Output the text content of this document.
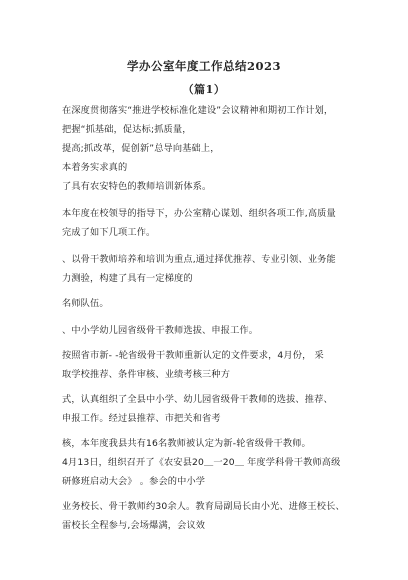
学办公室年度工作总结2023
（篇1）

在深度贯彻落实“推进学校标准化建设”会议精神和期初工作计划，

把握“抓基础，促达标;抓质量，

提高;抓改革，促创新”总导向基础上，

本着务实求真的

了具有农安特色的教师培训新体系。

本年度在校领导的指导下，办公室精心谋划、组织各项工作,高质量

完成了如下几项工作。

、以骨干教师培养和培训为重点,通过择优推荐、专业引领、业务能

力测验，构建了具有一定梯度的

名师队伍。

、中小学幼儿园省级骨干教师选拔、申报工作。

按照省市新- -轮省级骨干教师重新认定的文件要求，4月份， 采

取学校推荐、条件审核、业绩考核三种方

式，认真组织了全县中小学、幼儿园省级骨干教师的选拔、推荐、

申报工作。经过县推荐、市把关和省考

核，本年度我县共有16名教师被认定为新-轮省级骨干教师。

4月13日，组织召开了《农安县20＿一20＿ 年度学科骨干教师高级

研修班启动大会》 。参会的中小学

业务校长、骨干教师约30余人。教育局副局长由小光、进修王校长、

雷校长全程参与,会场爆满，会议效
